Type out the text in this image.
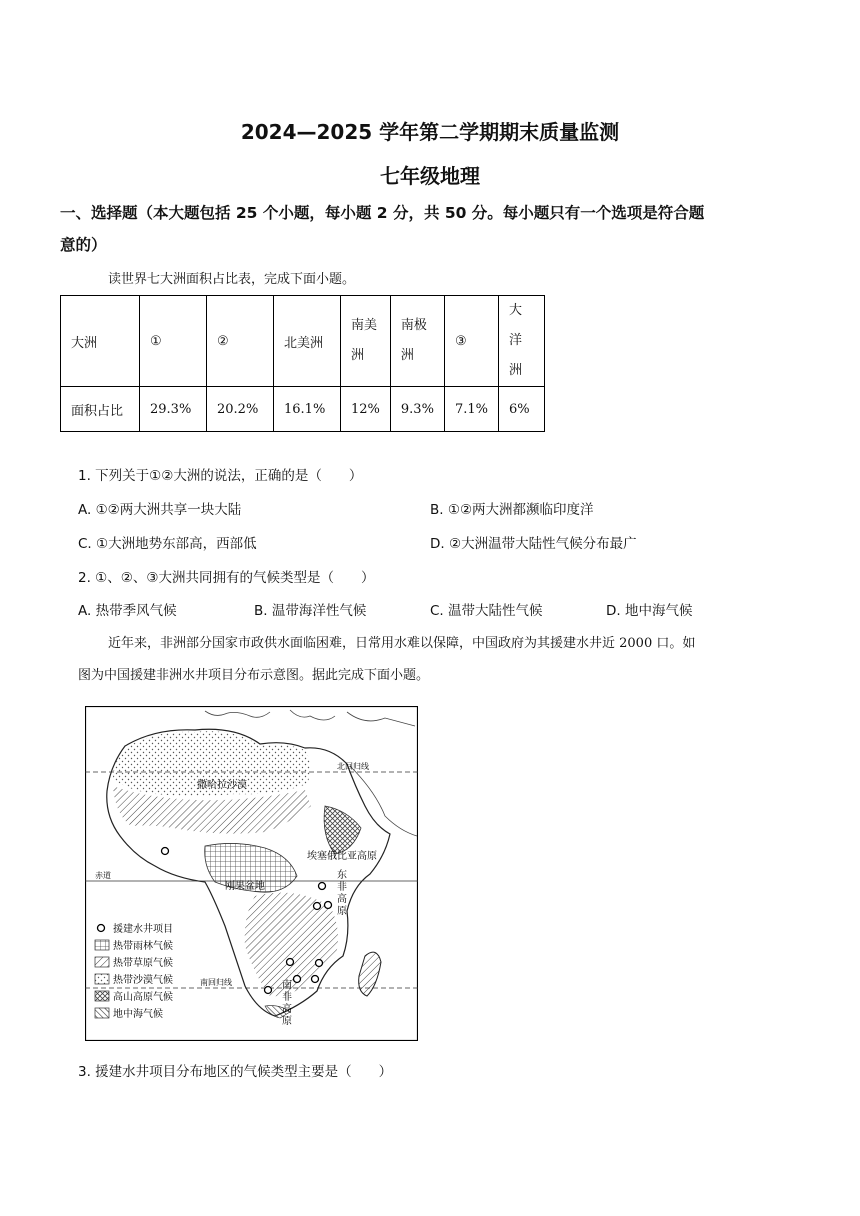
2024—2025 学年第二学期期末质量监测
七年级地理
一、选择题（本大题包括 25 个小题，每小题 2 分，共 50 分。每小题只有一个选项是符合题
意的）
读世界七大洲面积占比表，完成下面小题。
大洲	①	②	北美洲	南美洲	南极洲	③	大洋洲
面积占比	29.3%	20.2%	16.1%	12%	9.3%	7.1%	6%
1. 下列关于①②大洲的说法，正确的是（　　）
A. ①②两大洲共享一块大陆	B. ①②两大洲都濒临印度洋
C. ①大洲地势东部高，西部低	D. ②大洲温带大陆性气候分布最广
2. ①、②、③大洲共同拥有的气候类型是（　　）
A. 热带季风气候	B. 温带海洋性气候	C. 温带大陆性气候	D. 地中海气候
近年来，非洲部分国家市政供水面临困难，日常用水难以保障，中国政府为其援建水井近 2000 口。如
图为中国援建非洲水井项目分布示意图。据此完成下面小题。
北回归线
赤道
南回归线
撒哈拉沙漠
埃塞俄比亚高原
刚果盆地
东
非
高
原
南
非
高
原
援建水井项目
热带雨林气候
热带草原气候
热带沙漠气候
高山高原气候
地中海气候
3. 援建水井项目分布地区的气候类型主要是（　　）
